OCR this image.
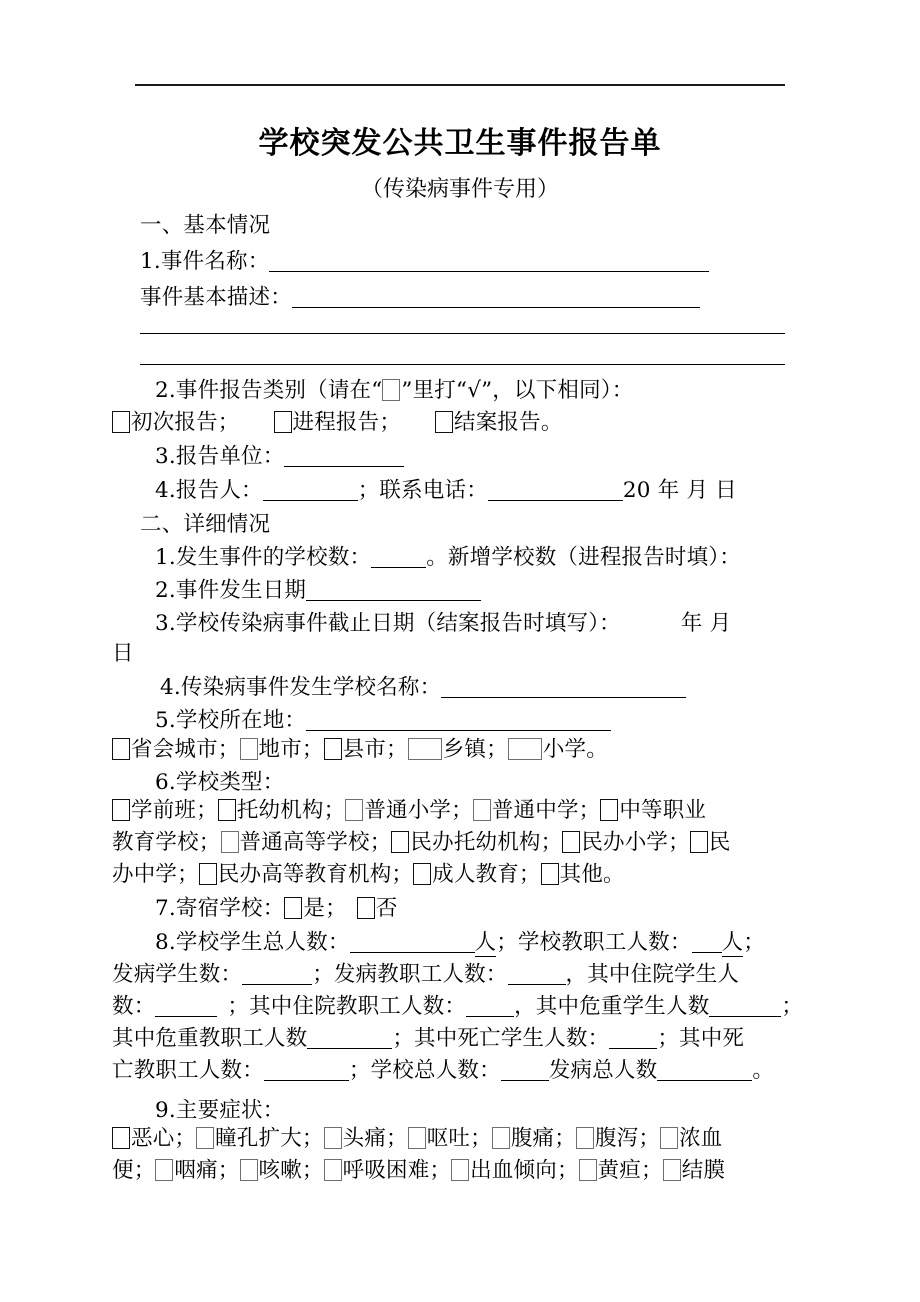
学校突发公共卫生事件报告单
（传染病事件专用）
一、基本情况
1.事件名称：
事件基本描述：
2.事件报告类别（请在“ ”里打“√”，以下相同）：
初次报告； 进程报告； 结案报告。
3.报告单位：
4.报告人：	；联系电话：	20 年 月 日
二、详细情况
1.发生事件的学校数：	。新增学校数（进程报告时填）：
2.事件发生日期
3.学校传染病事件截止日期（结案报告时填写）：	年 月
日
4.传染病事件发生学校名称：
5.学校所在地：
省会城市； 地市； 县市； 乡镇； 小学。
6.学校类型：
学前班； 托幼机构； 普通小学； 普通中学； 中等职业
教育学校； 普通高等学校； 民办托幼机构； 民办小学； 民
办中学； 民办高等教育机构； 成人教育； 其他。
7.寄宿学校： 是； 否
8.学校学生总人数：	人；学校教职工人数： 人；
发病学生数：	；发病教职工人数：	，其中住院学生人
数：	；其中住院教职工人数： ，其中危重学生人数	；
其中危重教职工人数	；其中死亡学生人数： ；其中死
亡教职工人数：	；学校总人数： 发病总人数	。
9.主要症状：
恶心； 瞳孔扩大； 头痛； 呕吐； 腹痛； 腹泻； 浓血
便； 咽痛； 咳嗽； 呼吸困难； 出血倾向； 黄疸； 结膜
